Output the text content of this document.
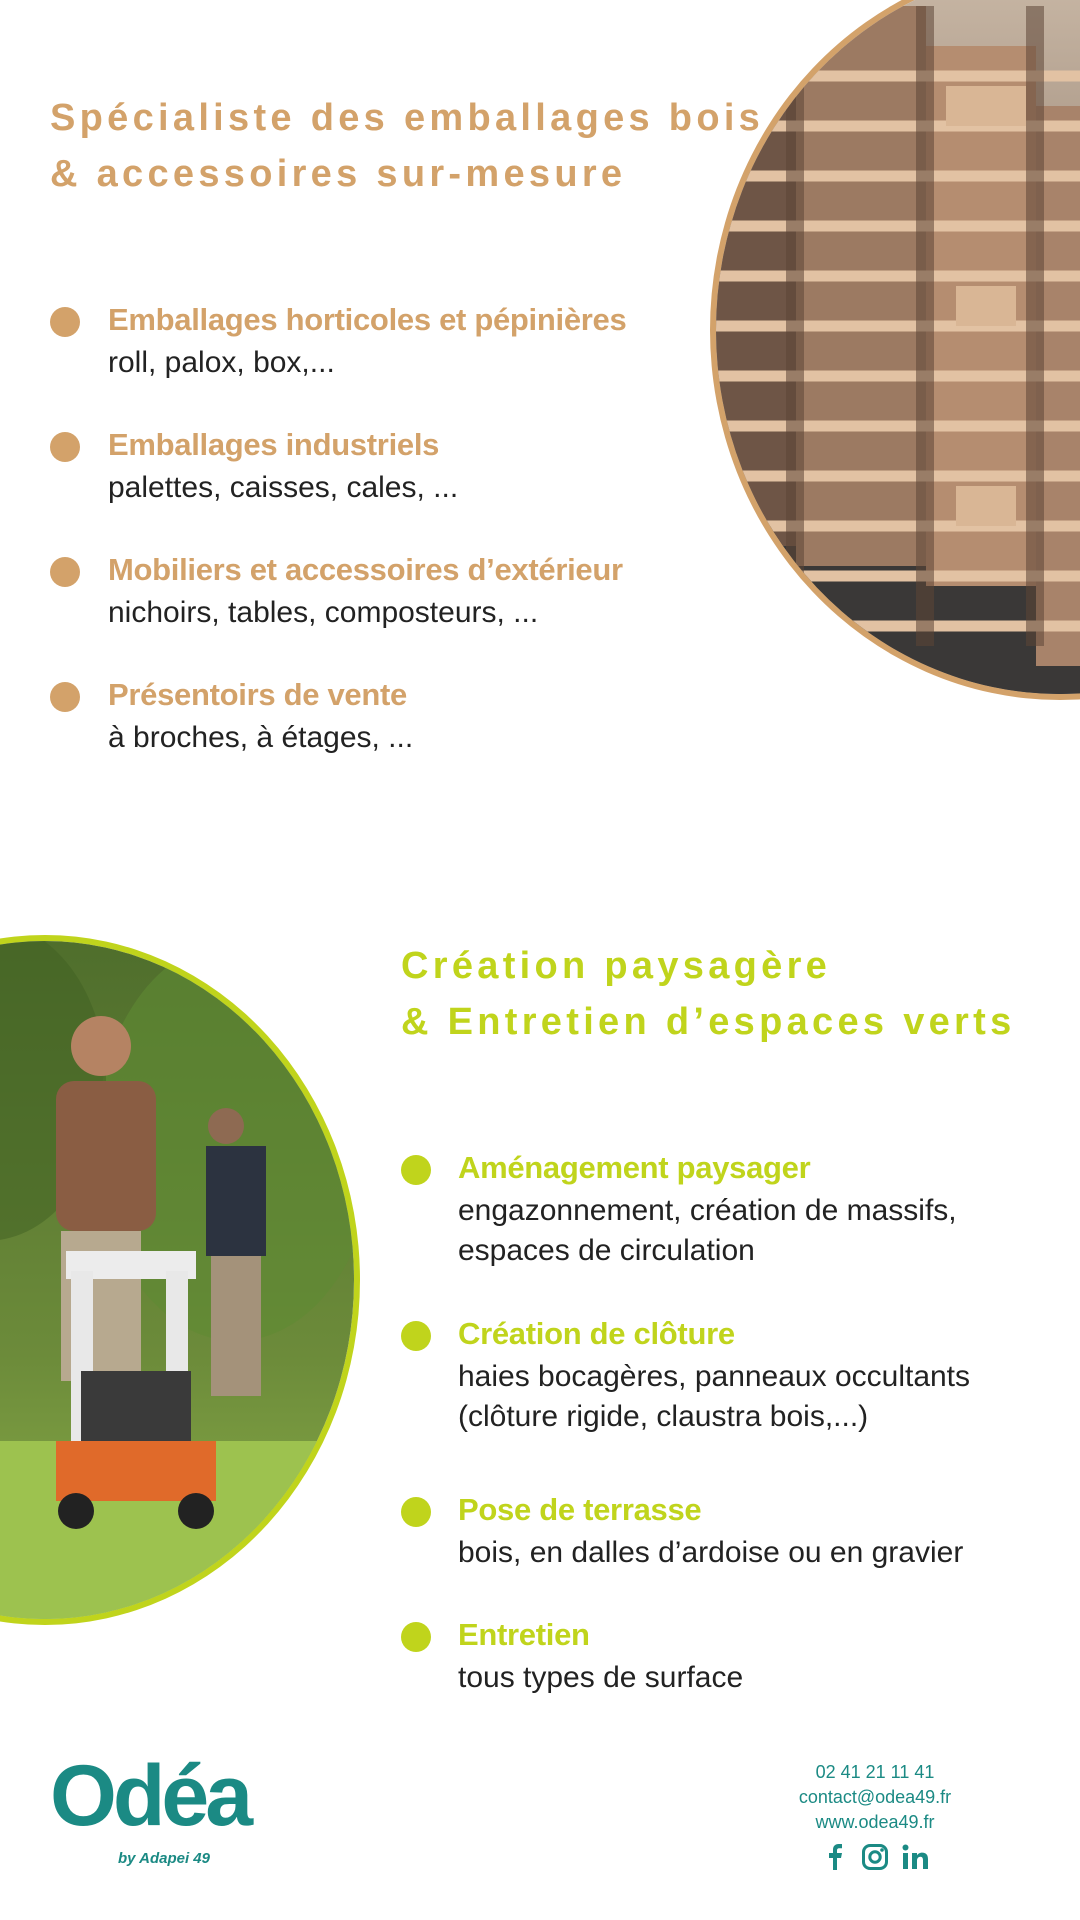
Spécialiste des emballages bois
& accessoires sur-mesure
Emballages horticoles et pépinières
roll, palox, box,...
Emballages industriels
palettes, caisses, cales, ...
Mobiliers et accessoires d’extérieur
nichoirs, tables, composteurs, ...
Présentoirs de vente
à broches, à étages, ...
Création paysagère
& Entretien d’espaces verts
Aménagement paysager
engazonnement, création de massifs,
espaces de circulation
Création de clôture
haies bocagères, panneaux occultants
(clôture rigide, claustra bois,...)
Pose de terrasse
bois, en dalles d’ardoise ou en gravier
Entretien
tous types de surface
Odéa
by Adapei 49
02 41 21 11 41
contact@odea49.fr
www.odea49.fr
